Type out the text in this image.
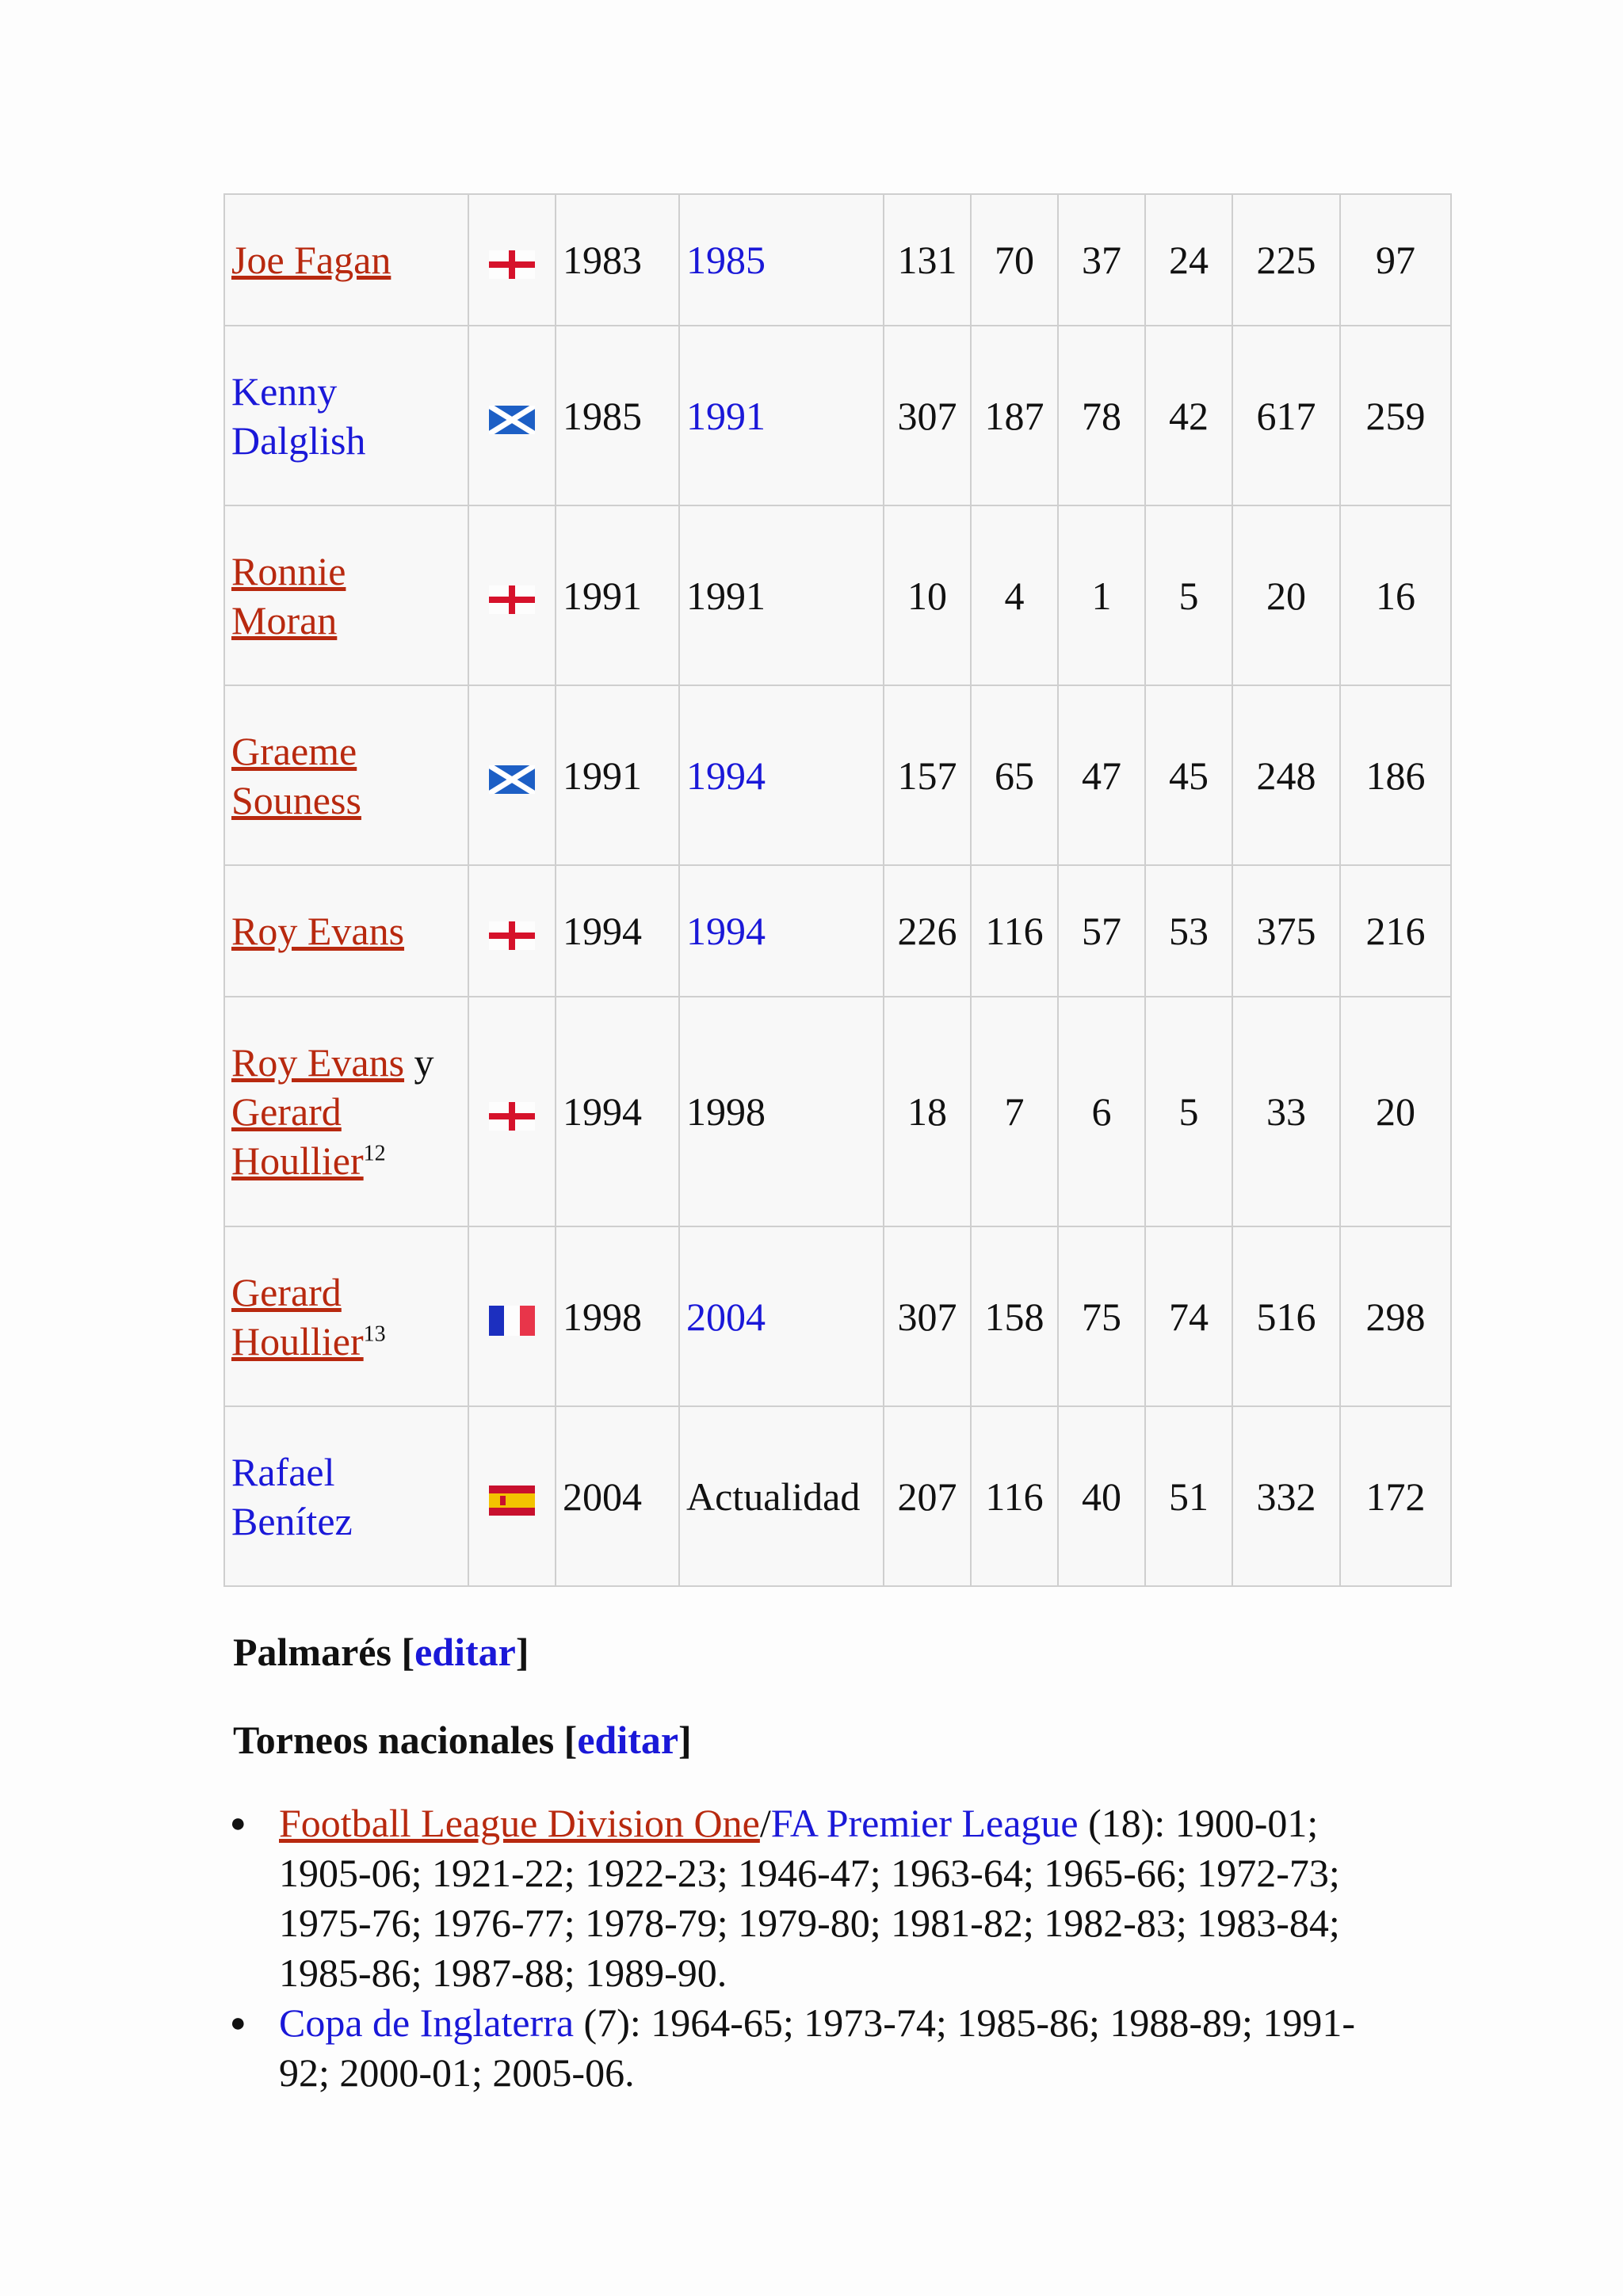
Joe Fagan		1983	1985	131	70	37	24	225	97
Kenny Dalglish		1985	1991	307	187	78	42	617	259
Ronnie Moran		1991	1991	10	4	1	5	20	16
Graeme Souness		1991	1994	157	65	47	45	248	186
Roy Evans		1994	1994	226	116	57	53	375	216
Roy Evans y Gerard Houllier$^{12}$		1994	1998	18	7	6	5	33	20
Gerard Houllier$^{13}$		1998	2004	307	158	75	74	516	298
Rafael Benítez		2004	Actualidad	207	116	40	51	332	172
Palmarés [editar]
Torneos nacionales [editar]
● Football League Division One/FA Premier League (18): 1900-01; 1905-06; 1921-22; 1922-23; 1946-47; 1963-64; 1965-66; 1972-73; 1975-76; 1976-77; 1978-79; 1979-80; 1981-82; 1982-83; 1983-84; 1985-86; 1987-88; 1989-90.
● Copa de Inglaterra (7): 1964-65; 1973-74; 1985-86; 1988-89; 1991-92; 2000-01; 2005-06.
